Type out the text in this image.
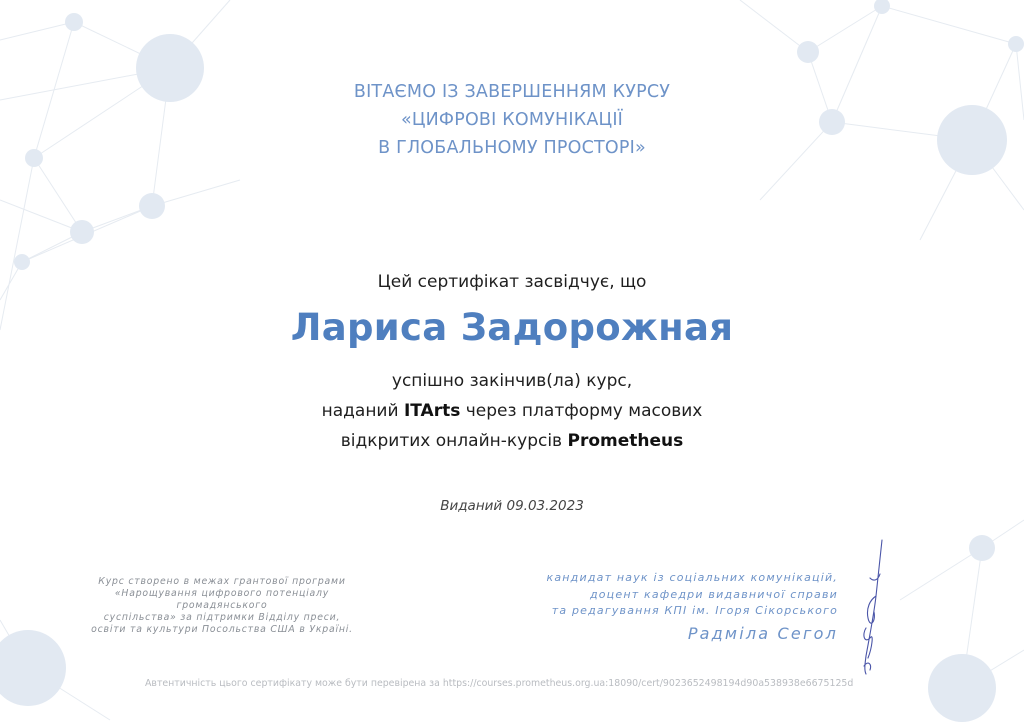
ВІТАЄМО ІЗ ЗАВЕРШЕННЯМ КУРСУ
«ЦИФРОВІ КОМУНІКАЦІЇ
В ГЛОБАЛЬНОМУ ПРОСТОРІ»
Цей сертифікат засвідчує, що
Лариса Задорожная
успішно закінчив(ла) курс,
наданий ITArts через платформу масових
відкритих онлайн-курсів Prometheus
Виданий 09.03.2023
Курс створено в межах грантової програми
«Нарощування цифрового потенціалу громадянського
суспільства» за підтримки Відділу преси,
освіти та культури Посольства США в Україні.
кандидат наук із соціальних комунікацій,
доцент кафедри видавничої справи
та редагування КПІ ім. Ігоря Сікорського
Радміла Сегол
Автентичність цього сертифікату може бути перевірена за https://courses.prometheus.org.ua:18090/cert/9023652498194d90a538938e6675125d
